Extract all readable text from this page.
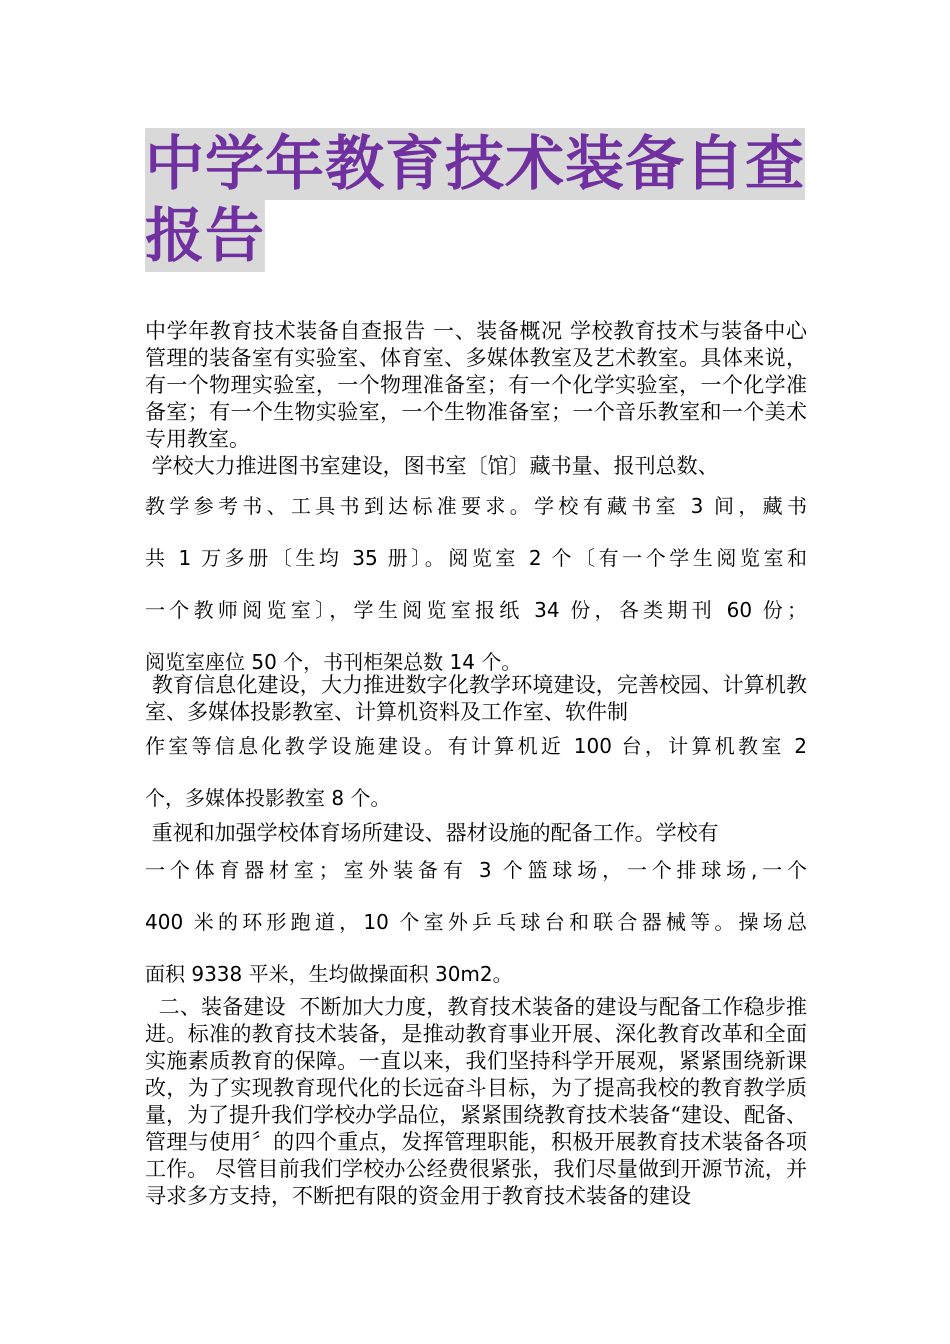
中学年教育技术装备自查
报告
中学年教育技术装备自查报告 一、装备概况 学校教育技术与装备中心管理的装备室有实验室、体育室、多媒体教室及艺术教室。具体来说，有一个物理实验室，一个物理准备室；有一个化学实验室，一个化学准备室；有一个生物实验室，一个生物准备室；一个音乐教室和一个美术专用教室。
学校大力推进图书室建设，图书室〔馆〕藏书量、报刊总数、
教学参考书、工具书到达标准要求。学校有藏书室 3 间，藏书
共 1 万多册〔生均 35 册〕。阅览室 2 个〔有一个学生阅览室和
一个教师阅览室〕，学生阅览室报纸 34 份，各类期刊 60 份；
阅览室座位 50 个，书刊柜架总数 14 个。
教育信息化建设，大力推进数字化教学环境建设，完善校园、计算机教室、多媒体投影教室、计算机资料及工作室、软件制
作室等信息化教学设施建设。有计算机近 100 台，计算机教室 2
个，多媒体投影教室 8 个。
重视和加强学校体育场所建设、器材设施的配备工作。学校有
一个体育器材室；室外装备有 3 个篮球场，一个排球场,一个
400 米的环形跑道，10 个室外乒乓球台和联合器械等。操场总
面积 9338 平米，生均做操面积 30m2。
二、装备建设  不断加大力度，教育技术装备的建设与配备工作稳步推进。标准的教育技术装备，是推动教育事业开展、深化教育改革和全面实施素质教育的保障。一直以来，我们坚持科学开展观，紧紧围绕新课改，为了实现教育现代化的长远奋斗目标，为了提高我校的教育教学质量，为了提升我们学校办学品位，紧紧围绕教育技术装备“建设、配备、管理与使用〞的四个重点，发挥管理职能，积极开展教育技术装备各项工作。 尽管目前我们学校办公经费很紧张，我们尽量做到开源节流，并寻求多方支持，不断把有限的资金用于教育技术装备的建设
